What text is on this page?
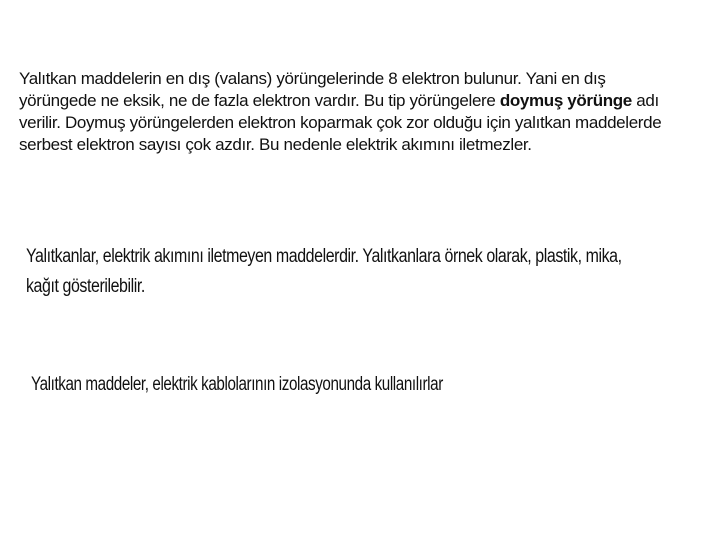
Yalıtkan maddelerin en dış (valans) yörüngelerinde 8 elektron bulunur. Yani en dış
yörüngede ne eksik, ne de fazla elektron vardır. Bu tip yörüngelere doymuş yörünge adı
verilir. Doymuş yörüngelerden elektron koparmak çok zor olduğu için yalıtkan maddelerde
serbest elektron sayısı çok azdır. Bu nedenle elektrik akımını iletmezler.

Yalıtkanlar, elektrik akımını iletmeyen maddelerdir. Yalıtkanlara örnek olarak, plastik, mika,
kağıt gösterilebilir.

Yalıtkan maddeler, elektrik kablolarının izolasyonunda kullanılırlar
